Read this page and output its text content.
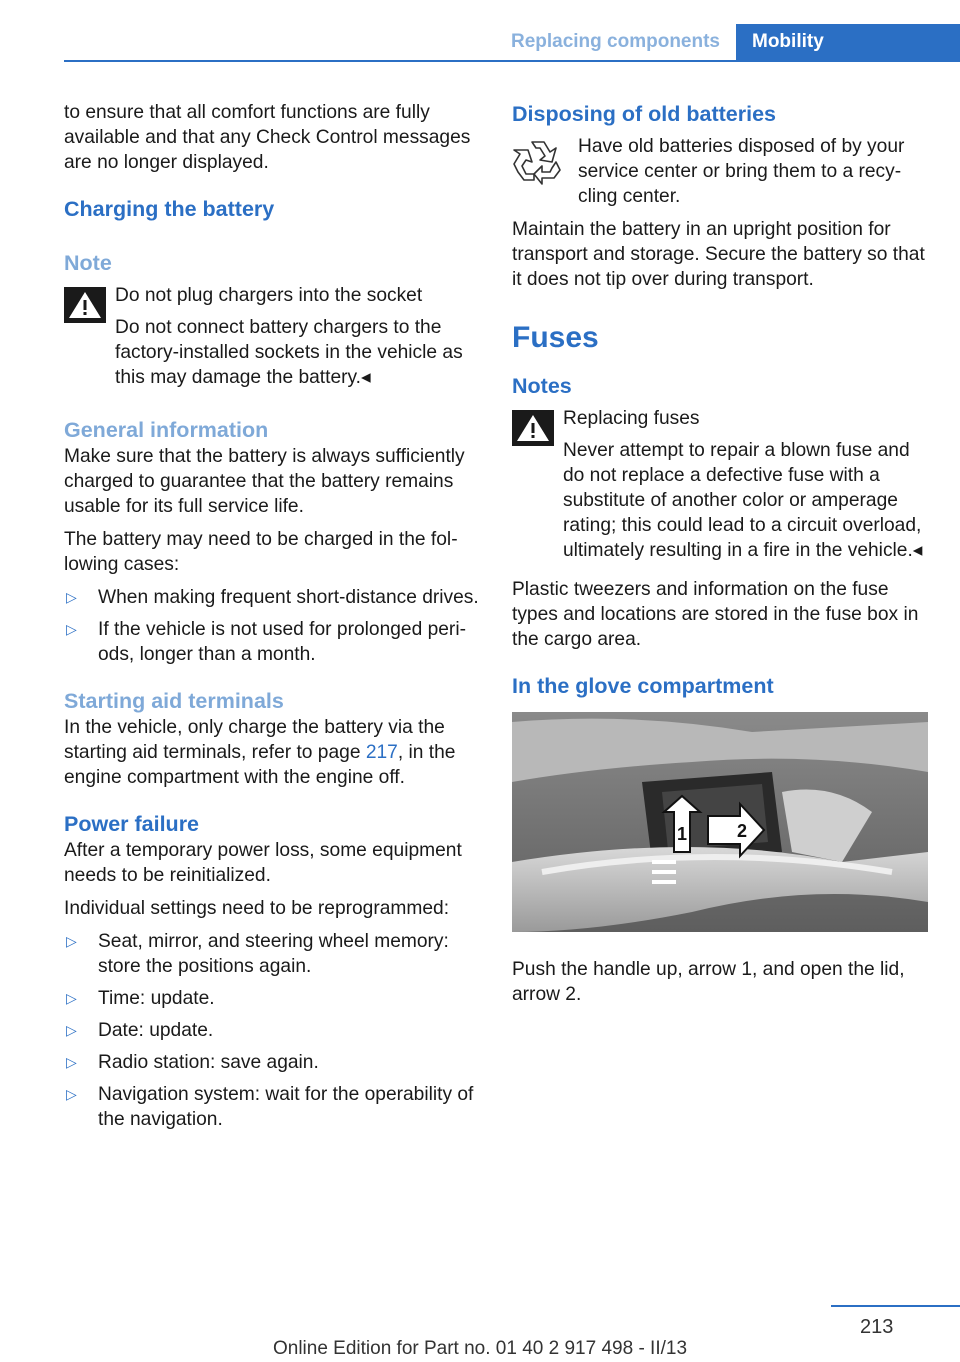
Replacing components	Mobility

to ensure that all comfort functions are fully available and that any Check Control messages are no longer displayed.

Charging the battery
Note

Do not plug chargers into the socket

Do not connect battery chargers to the factory-installed sockets in the vehicle as this may damage the battery.◂

General information

Make sure that the battery is always sufficiently charged to guarantee that the battery remains usable for its full service life.

The battery may need to be charged in the fol‐lowing cases:

▷ When making frequent short-distance drives.
▷ If the vehicle is not used for prolonged peri‐ods, longer than a month.
Starting aid terminals

In the vehicle, only charge the battery via the starting aid terminals, refer to page 217, in the engine compartment with the engine off.

Power failure

After a temporary power loss, some equipment needs to be reinitialized.

Individual settings need to be reprogrammed:

▷ Seat, mirror, and steering wheel memory: store the positions again.
▷ Time: update.
▷ Date: update.
▷ Radio station: save again.
▷ Navigation system: wait for the operability of the navigation.
Disposing of old batteries

Have old batteries disposed of by your service center or bring them to a recy‐cling center.

Maintain the battery in an upright position for transport and storage. Secure the battery so that it does not tip over during transport.

Fuses
Notes

Replacing fuses

Never attempt to repair a blown fuse and do not replace a defective fuse with a substitute of another color or amperage rating; this could lead to a circuit overload, ultimately resulting in a fire in the vehicle.◂

Plastic tweezers and information on the fuse types and locations are stored in the fuse box in the cargo area.

In the glove compartment
1	2

Push the handle up, arrow 1, and open the lid, arrow 2.

213
Online Edition for Part no. 01 40 2 917 498 - II/13
